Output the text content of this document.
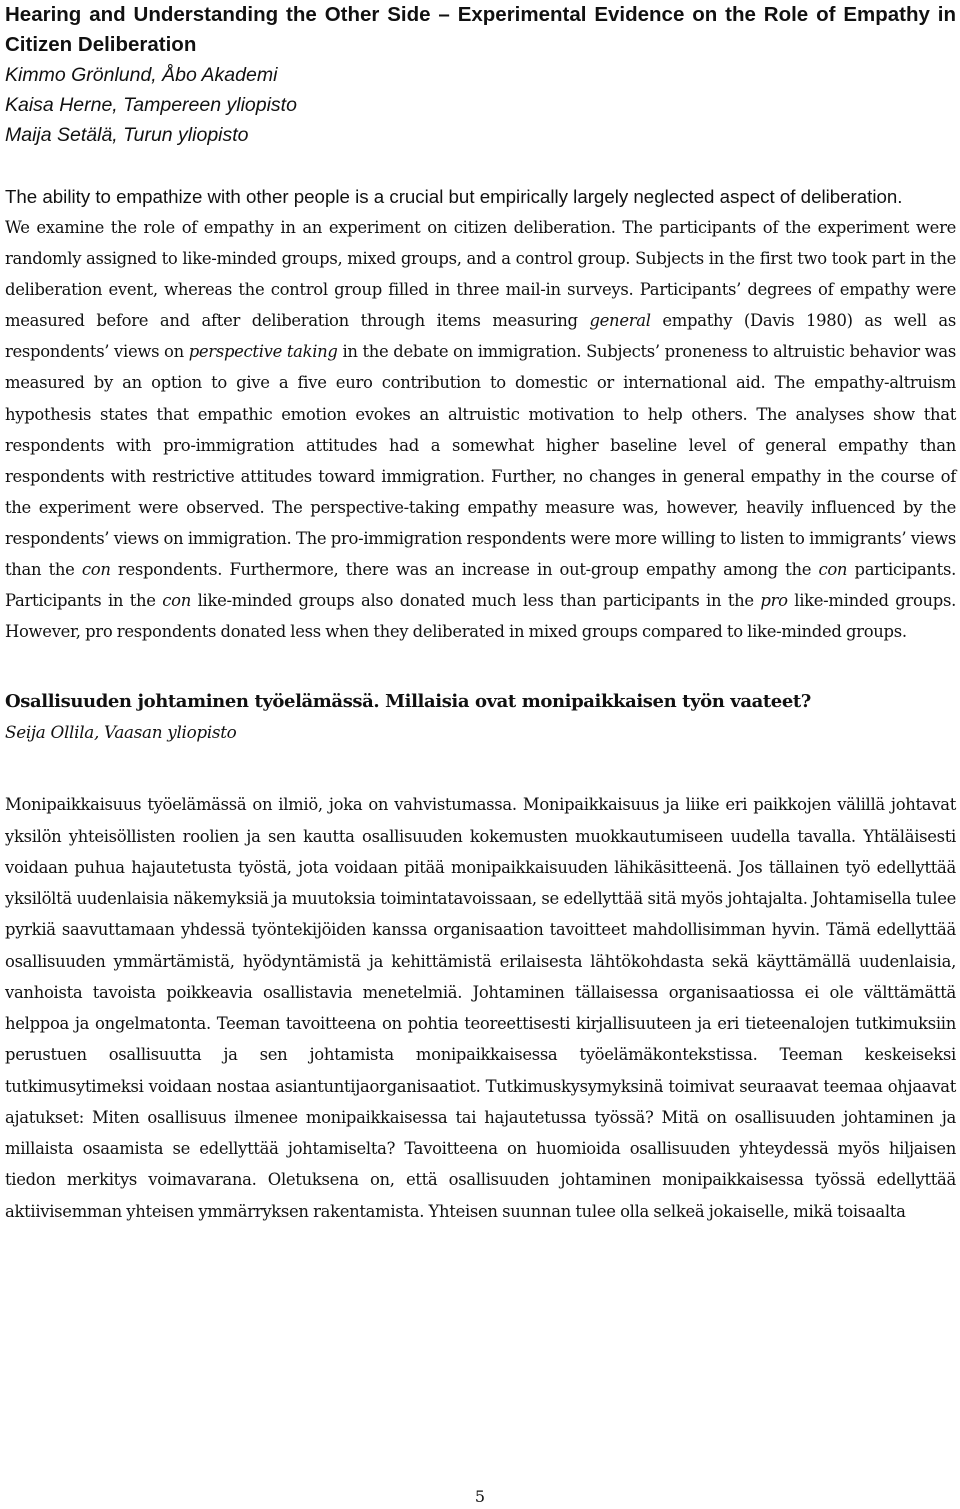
Hearing and Understanding the Other Side – Experimental Evidence on the Role of Empathy in Citizen Deliberation
Kimmo Grönlund, Åbo Akademi
Kaisa Herne, Tampereen yliopisto
Maija Setälä, Turun yliopisto

The ability to empathize with other people is a crucial but empirically largely neglected aspect of deliberation.

We examine the role of empathy in an experiment on citizen deliberation. The participants of the experiment were randomly assigned to like-minded groups, mixed groups, and a control group. Subjects in the first two took part in the deliberation event, whereas the control group filled in three mail-in surveys. Participants’ degrees of empathy were measured before and after deliberation through items measuring general empathy (Davis 1980) as well as respondents’ views on perspective taking in the debate on immigration. Subjects’ proneness to altruistic behavior was measured by an option to give a five euro contribution to domestic or international aid. The empathy-altruism hypothesis states that empathic emotion evokes an altruistic motivation to help others. The analyses show that respondents with pro-immigration attitudes had a somewhat higher baseline level of general empathy than respondents with restrictive attitudes toward immigration. Further, no changes in general empathy in the course of the experiment were observed. The perspective-taking empathy measure was, however, heavily influenced by the respondents’ views on immigration. The pro-immigration respondents were more willing to listen to immigrants’ views than the con respondents. Furthermore, there was an increase in out-group empathy among the con participants. Participants in the con like-minded groups also donated much less than participants in the pro like-minded groups. However, pro respondents donated less when they deliberated in mixed groups compared to like-minded groups.

Osallisuuden johtaminen työelämässä. Millaisia ovat monipaikkaisen työn vaateet?
Seija Ollila, Vaasan yliopisto

Monipaikkaisuus työelämässä on ilmiö, joka on vahvistumassa. Monipaikkaisuus ja liike eri paikkojen välillä johtavat yksilön yhteisöllisten roolien ja sen kautta osallisuuden kokemusten muokkautumiseen uudella tavalla. Yhtäläisesti voidaan puhua hajautetusta työstä, jota voidaan pitää monipaikkaisuuden lähikäsitteenä. Jos tällainen työ edellyttää yksilöltä uudenlaisia näkemyksiä ja muutoksia toimintatavoissaan, se edellyttää sitä myös johtajalta. Johtamisella tulee pyrkiä saavuttamaan yhdessä työntekijöiden kanssa organisaation tavoitteet mahdollisimman hyvin. Tämä edellyttää osallisuuden ymmärtämistä, hyödyntämistä ja kehittämistä erilaisesta lähtökohdasta sekä käyttämällä uudenlaisia, vanhoista tavoista poikkeavia osallistavia menetelmiä. Johtaminen tällaisessa organisaatiossa ei ole välttämättä helppoa ja ongelmatonta. Teeman tavoitteena on pohtia teoreettisesti kirjallisuuteen ja eri tieteenalojen tutkimuksiin perustuen osallisuutta ja sen johtamista monipaikkaisessa työelämäkontekstissa. Teeman keskeiseksi tutkimusytimeksi voidaan nostaa asiantuntijaorganisaatiot. Tutkimuskysymyksinä toimivat seuraavat teemaa ohjaavat ajatukset: Miten osallisuus ilmenee monipaikkaisessa tai hajautetussa työssä? Mitä on osallisuuden johtaminen ja millaista osaamista se edellyttää johtamiselta? Tavoitteena on huomioida osallisuuden yhteydessä myös hiljaisen tiedon merkitys voimavarana. Oletuksena on, että osallisuuden johtaminen monipaikkaisessa työssä edellyttää aktiivisemman yhteisen ymmärryksen rakentamista. Yhteisen suunnan tulee olla selkeä jokaiselle, mikä toisaalta

5
